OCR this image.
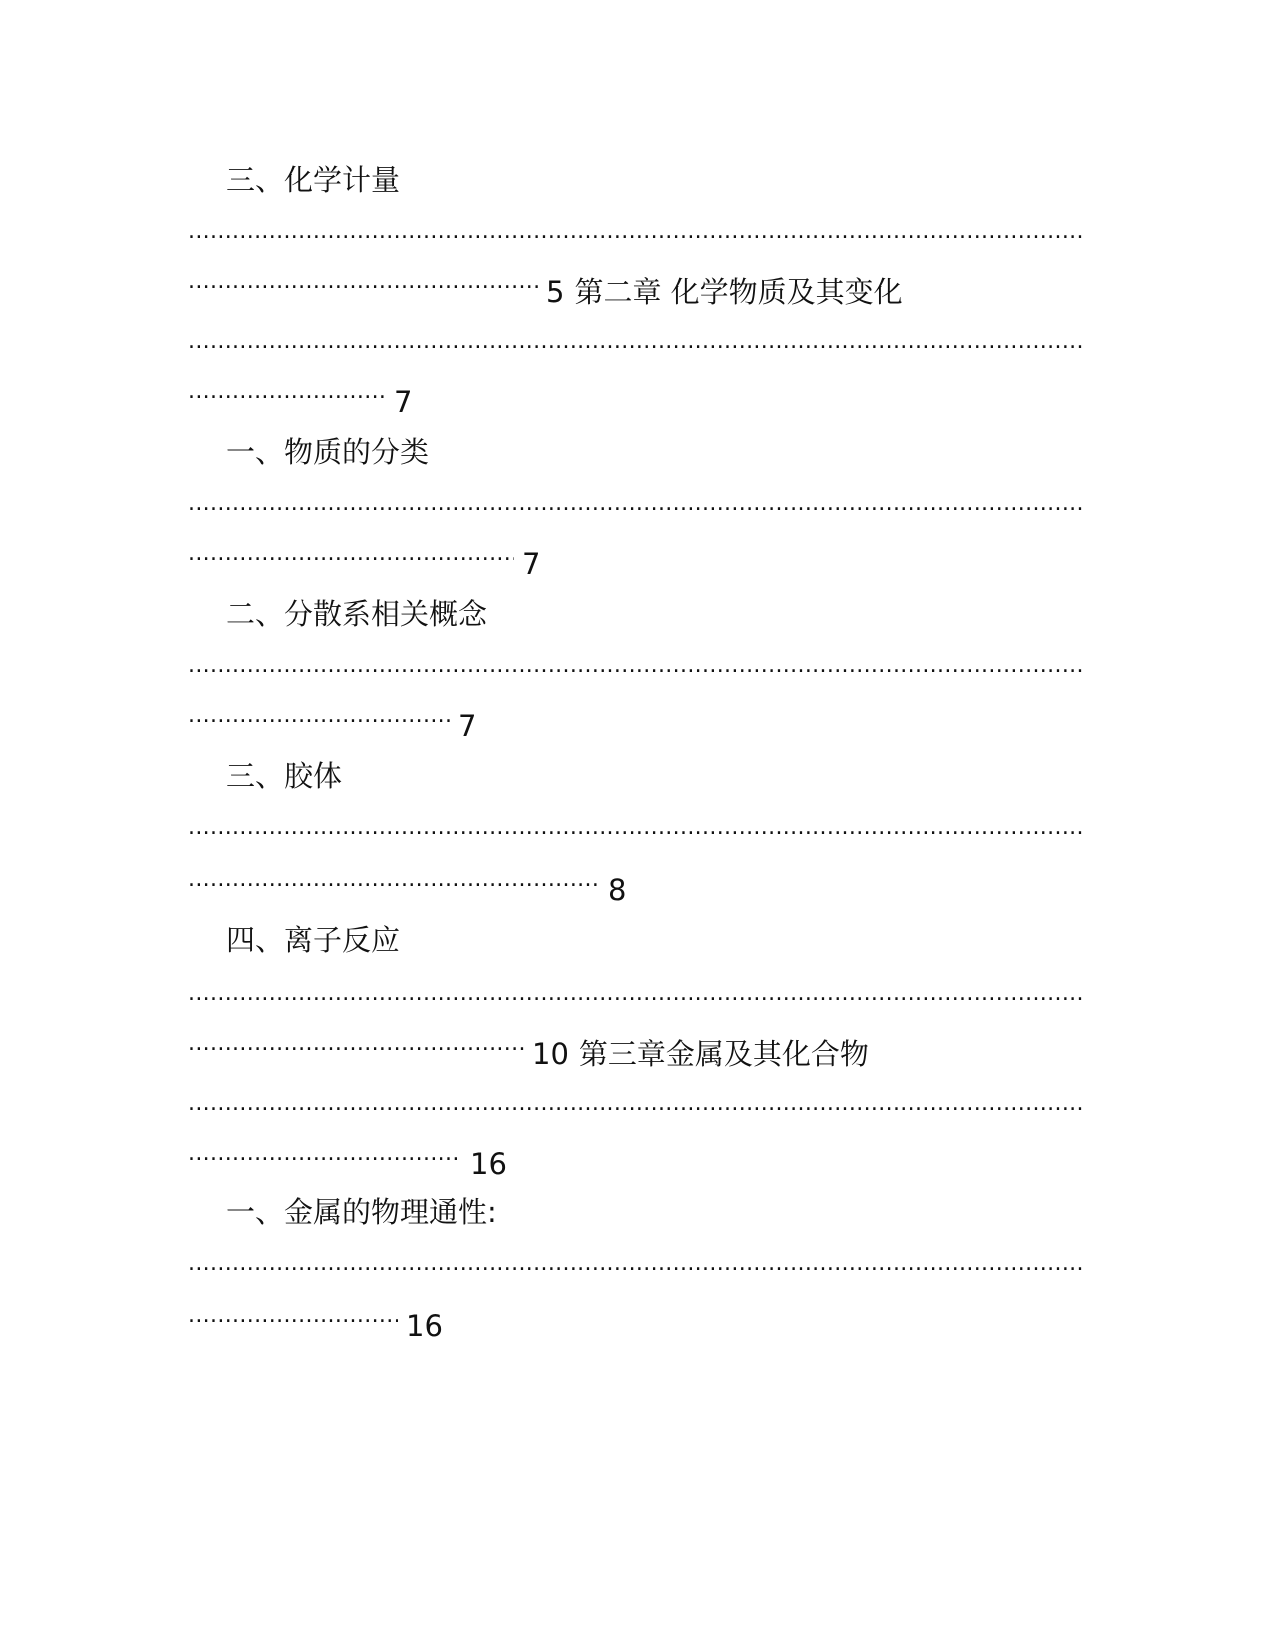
三、化学计量
.....
.....5 第二章 化学物质及其变化
.....
.....7
一、物质的分类
.....
.....7
二、分散系相关概念
.....
.....7
三、胶体
.....
.....8
四、离子反应
.....
.....10 第三章金属及其化合物
.....
.....16
一、金属的物理通性:
.....
.....16
